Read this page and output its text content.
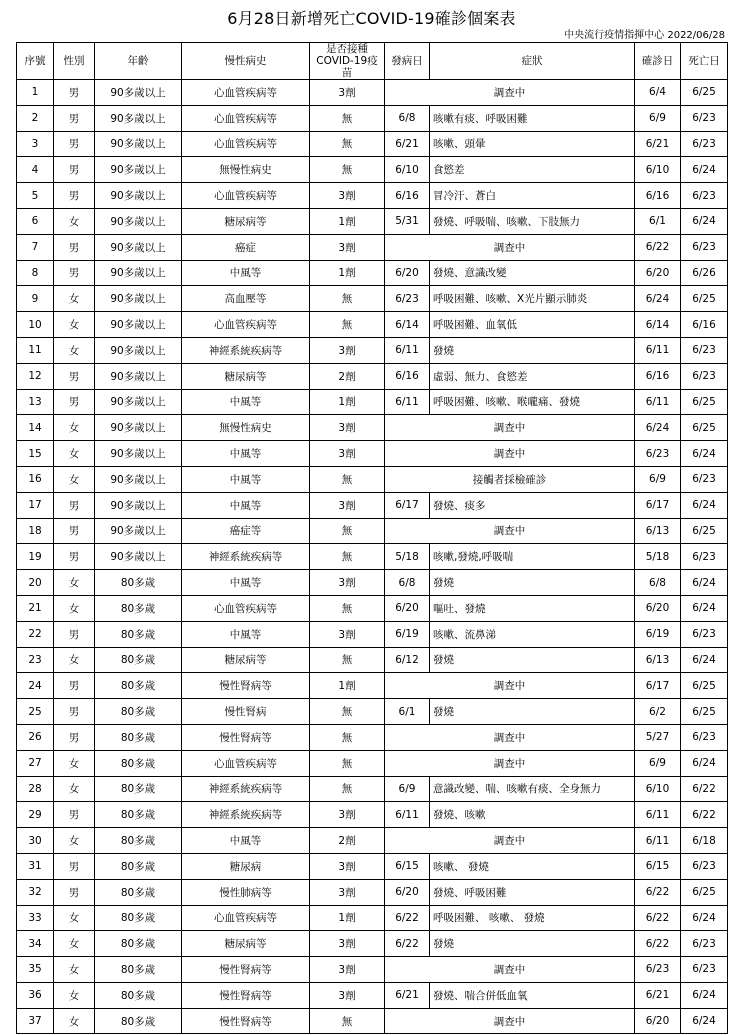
6月28日新增死亡COVID-19確診個案表
中央流行疫情指揮中心 2022/06/28
序號	性別	年齡	慢性病史	是否接種COVID-19疫苗	發病日	症狀	確診日	死亡日
1	男	90多歲以上	心血管疾病等	3劑	調查中		6/4	6/25
2	男	90多歲以上	心血管疾病等	無	6/8	咳嗽有痰、呼吸困難	6/9	6/23
3	男	90多歲以上	心血管疾病等	無	6/21	咳嗽、頭暈	6/21	6/23
4	男	90多歲以上	無慢性病史	無	6/10	食慾差	6/10	6/24
5	男	90多歲以上	心血管疾病等	3劑	6/16	冒冷汗、蒼白	6/16	6/23
6	女	90多歲以上	糖尿病等	1劑	5/31	發燒、呼吸喘、咳嗽、下肢無力	6/1	6/24
7	男	90多歲以上	癌症	3劑	調查中		6/22	6/23
8	男	90多歲以上	中風等	1劑	6/20	發燒、意識改變	6/20	6/26
9	女	90多歲以上	高血壓等	無	6/23	呼吸困難、咳嗽、X光片顯示肺炎	6/24	6/25
10	女	90多歲以上	心血管疾病等	無	6/14	呼吸困難、血氧低	6/14	6/16
11	女	90多歲以上	神經系統疾病等	3劑	6/11	發燒	6/11	6/23
12	男	90多歲以上	糖尿病等	2劑	6/16	虛弱、無力、食慾差	6/16	6/23
13	男	90多歲以上	中風等	1劑	6/11	呼吸困難、咳嗽、喉嚨痛、發燒	6/11	6/25
14	女	90多歲以上	無慢性病史	3劑	調查中		6/24	6/25
15	女	90多歲以上	中風等	3劑	調查中		6/23	6/24
16	女	90多歲以上	中風等	無	接觸者採檢確診		6/9	6/23
17	男	90多歲以上	中風等	3劑	6/17	發燒、痰多	6/17	6/24
18	男	90多歲以上	癌症等	無	調查中		6/13	6/25
19	男	90多歲以上	神經系統疾病等	無	5/18	咳嗽,發燒,呼吸喘	5/18	6/23
20	女	80多歲	中風等	3劑	6/8	發燒	6/8	6/24
21	女	80多歲	心血管疾病等	無	6/20	嘔吐、發燒	6/20	6/24
22	男	80多歲	中風等	3劑	6/19	咳嗽、流鼻涕	6/19	6/23
23	女	80多歲	糖尿病等	無	6/12	發燒	6/13	6/24
24	男	80多歲	慢性腎病等	1劑	調查中		6/17	6/25
25	男	80多歲	慢性腎病	無	6/1	發燒	6/2	6/25
26	男	80多歲	慢性腎病等	無	調查中		5/27	6/23
27	女	80多歲	心血管疾病等	無	調查中		6/9	6/24
28	女	80多歲	神經系統疾病等	無	6/9	意識改變、喘、咳嗽有痰、全身無力	6/10	6/22
29	男	80多歲	神經系統疾病等	3劑	6/11	發燒、咳嗽	6/11	6/22
30	女	80多歲	中風等	2劑	調查中		6/11	6/18
31	男	80多歲	糖尿病	3劑	6/15	咳嗽、 發燒	6/15	6/23
32	男	80多歲	慢性肺病等	3劑	6/20	發燒、呼吸困難	6/22	6/25
33	女	80多歲	心血管疾病等	1劑	6/22	呼吸困難、 咳嗽、 發燒	6/22	6/24
34	女	80多歲	糖尿病等	3劑	6/22	發燒	6/22	6/23
35	女	80多歲	慢性腎病等	3劑	調查中		6/23	6/23
36	女	80多歲	慢性腎病等	3劑	6/21	發燒、喘合併低血氧	6/21	6/24
37	女	80多歲	慢性腎病等	無	調查中		6/20	6/24
